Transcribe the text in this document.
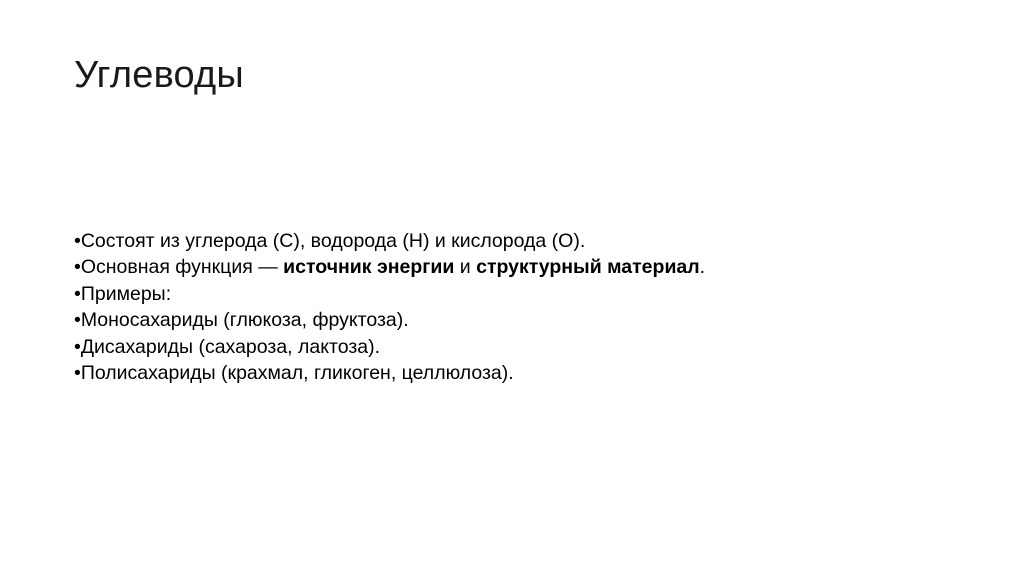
Углеводы
•Состоят из углерода (C), водорода (H) и кислорода (O).
•Основная функция — источник энергии и структурный материал.
•Примеры:
•Моносахариды (глюкоза, фруктоза).
•Дисахариды (сахароза, лактоза).
•Полисахариды (крахмал, гликоген, целлюлоза).
